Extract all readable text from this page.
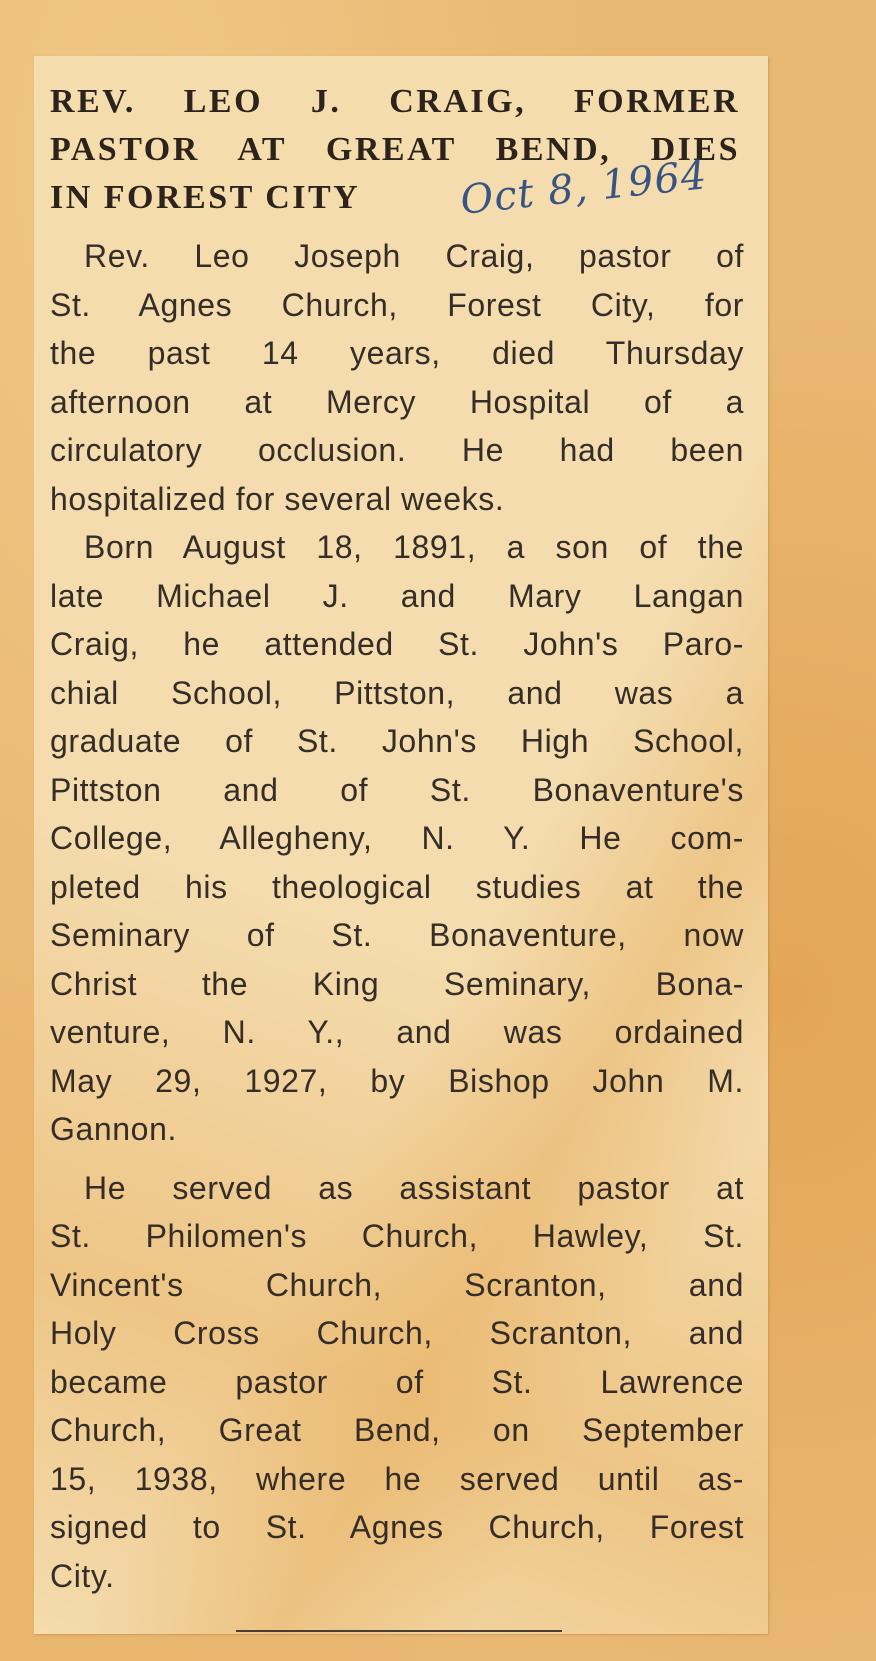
REV. LEO J. CRAIG, FORMER
PASTOR AT GREAT BEND, DIES
IN FOREST CITY	Oct 8, 1964

Rev. Leo Joseph Craig, pastor of
St. Agnes Church, Forest City, for
the past 14 years, died Thursday
afternoon at Mercy Hospital of a
circulatory occlusion. He had been
hospitalized for several weeks.

Born August 18, 1891, a son of the
late Michael J. and Mary Langan
Craig, he attended St. John's Paro-
chial School, Pittston, and was a
graduate of St. John's High School,
Pittston and of St. Bonaventure's
College, Allegheny, N. Y. He com-
pleted his theological studies at the
Seminary of St. Bonaventure, now
Christ the King Seminary, Bona-
venture, N. Y., and was ordained
May 29, 1927, by Bishop John M.
Gannon.

He served as assistant pastor at
St. Philomen's Church, Hawley, St.
Vincent's Church, Scranton, and
Holy Cross Church, Scranton, and
became pastor of St. Lawrence
Church, Great Bend, on September
15, 1938, where he served until as-
signed to St. Agnes Church, Forest
City.
